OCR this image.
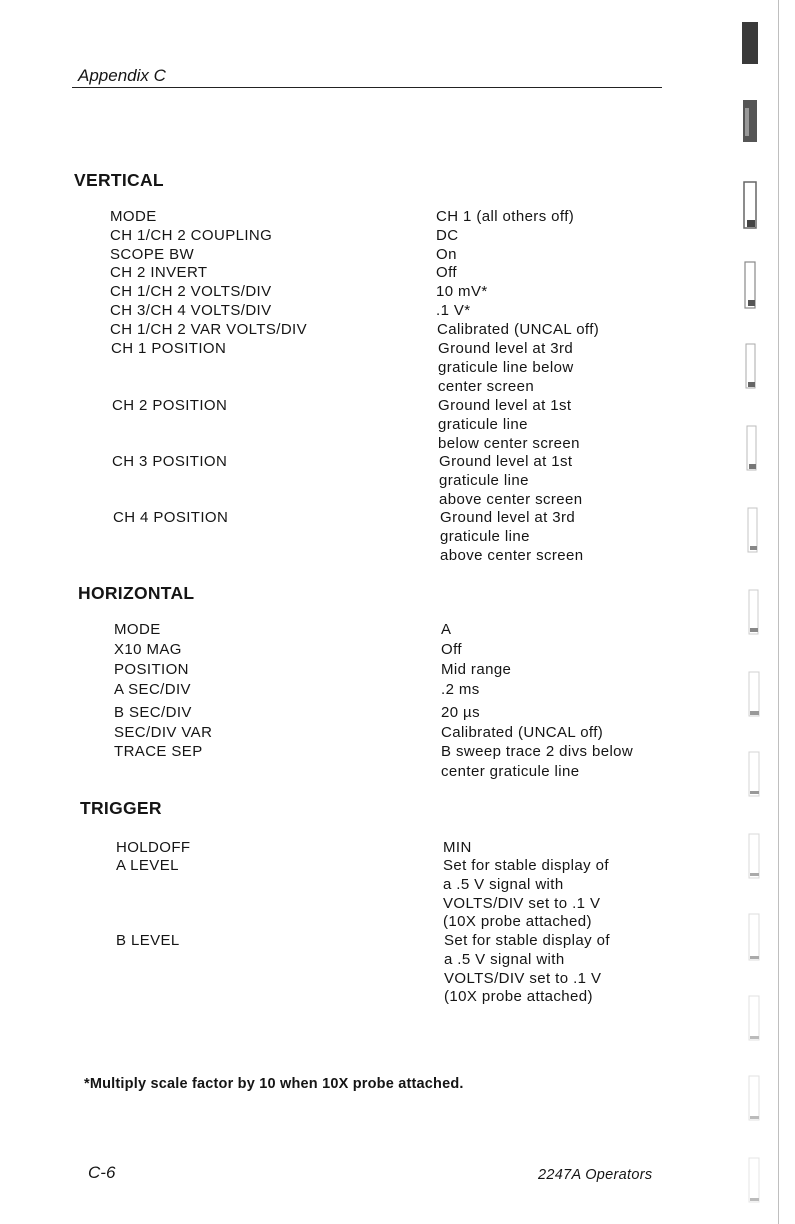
Appendix C
VERTICAL
MODE	CH 1 (all others off)
CH 1/CH 2 COUPLING	DC
SCOPE BW	On
CH 2 INVERT	Off
CH 1/CH 2 VOLTS/DIV	10 mV*
CH 3/CH 4 VOLTS/DIV	.1 V*
CH 1/CH 2 VAR VOLTS/DIV	Calibrated (UNCAL off)
CH 1 POSITION	Ground level at 3rd
graticule line below
center screen
CH 2 POSITION	Ground level at 1st
graticule line
below center screen
CH 3 POSITION	Ground level at 1st
graticule line
above center screen
CH 4 POSITION	Ground level at 3rd
graticule line
above center screen
HORIZONTAL
MODE	A
X10 MAG	Off
POSITION	Mid range
A SEC/DIV	.2 ms
B SEC/DIV	20 µs
SEC/DIV VAR	Calibrated (UNCAL off)
TRACE SEP	B sweep trace 2 divs below
center graticule line
TRIGGER
HOLDOFF	MIN
A LEVEL	Set for stable display of
a .5 V signal with
VOLTS/DIV set to .1 V
(10X probe attached)
B LEVEL	Set for stable display of
a .5 V signal with
VOLTS/DIV set to .1 V
(10X probe attached)
*Multiply scale factor by 10 when 10X probe attached.
C-6	2247A Operators
